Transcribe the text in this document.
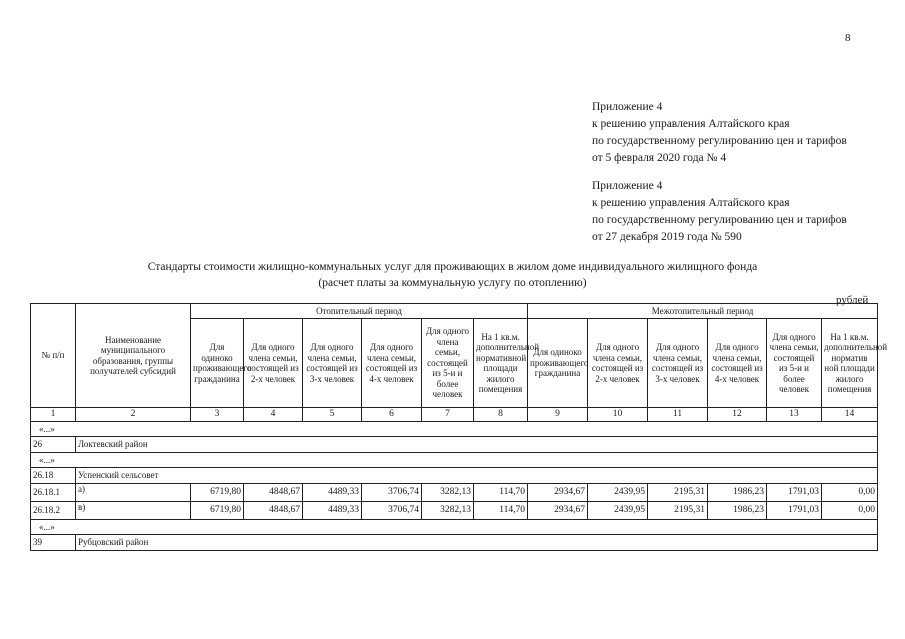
8
Приложение 4
к решению управления Алтайского края
по государственному регулированию цен и тарифов
от 5 февраля 2020 года № 4
Приложение 4
к решению управления Алтайского края
по государственному регулированию цен и тарифов
от 27 декабря 2019 года № 590
Стандарты стоимости жилищно-коммунальных услуг для проживающих в жилом доме индивидуального жилищного фонда
(расчет платы за коммунальную услугу по отоплению)
рублей
№ п/п	Наименование муниципального образования, группы получателей субсидий	Отопительный период						Межотопительный период					
		Для одиноко проживающего гражданина	Для одного члена семьи, состоящей из 2-х человек	Для одного члена семьи, состоящей из 3-х человек	Для одного члена семьи, состоящей из 4-х человек	Для одного члена семьи, состоящей из 5-и и более человек	На 1 кв.м. дополнительной нормативной площади жилого помещения	Для одиноко проживающего гражданина	Для одного члена семьи, состоящей из 2-х человек	Для одного члена семьи, состоящей из 3-х человек	Для одного члена семьи, состоящей из 4-х человек	Для одного члена семьи, состоящей из 5-и и более человек	На 1 кв.м. дополнительной норматив ной площади жилого помещения
1	2	3	4	5	6	7	8	9	10	11	12	13	14
«...»													
26	Локтевский район												
«...»													
26.18	Успенский сельсовет												
26.18.1	а)	6719,80	4848,67	4489,33	3706,74	3282,13	114,70	2934,67	2439,95	2195,31	1986,23	1791,03	0,00
26.18.2	в)	6719,80	4848,67	4489,33	3706,74	3282,13	114,70	2934,67	2439,95	2195,31	1986,23	1791,03	0,00
«...»													
39	Рубцовский район												
